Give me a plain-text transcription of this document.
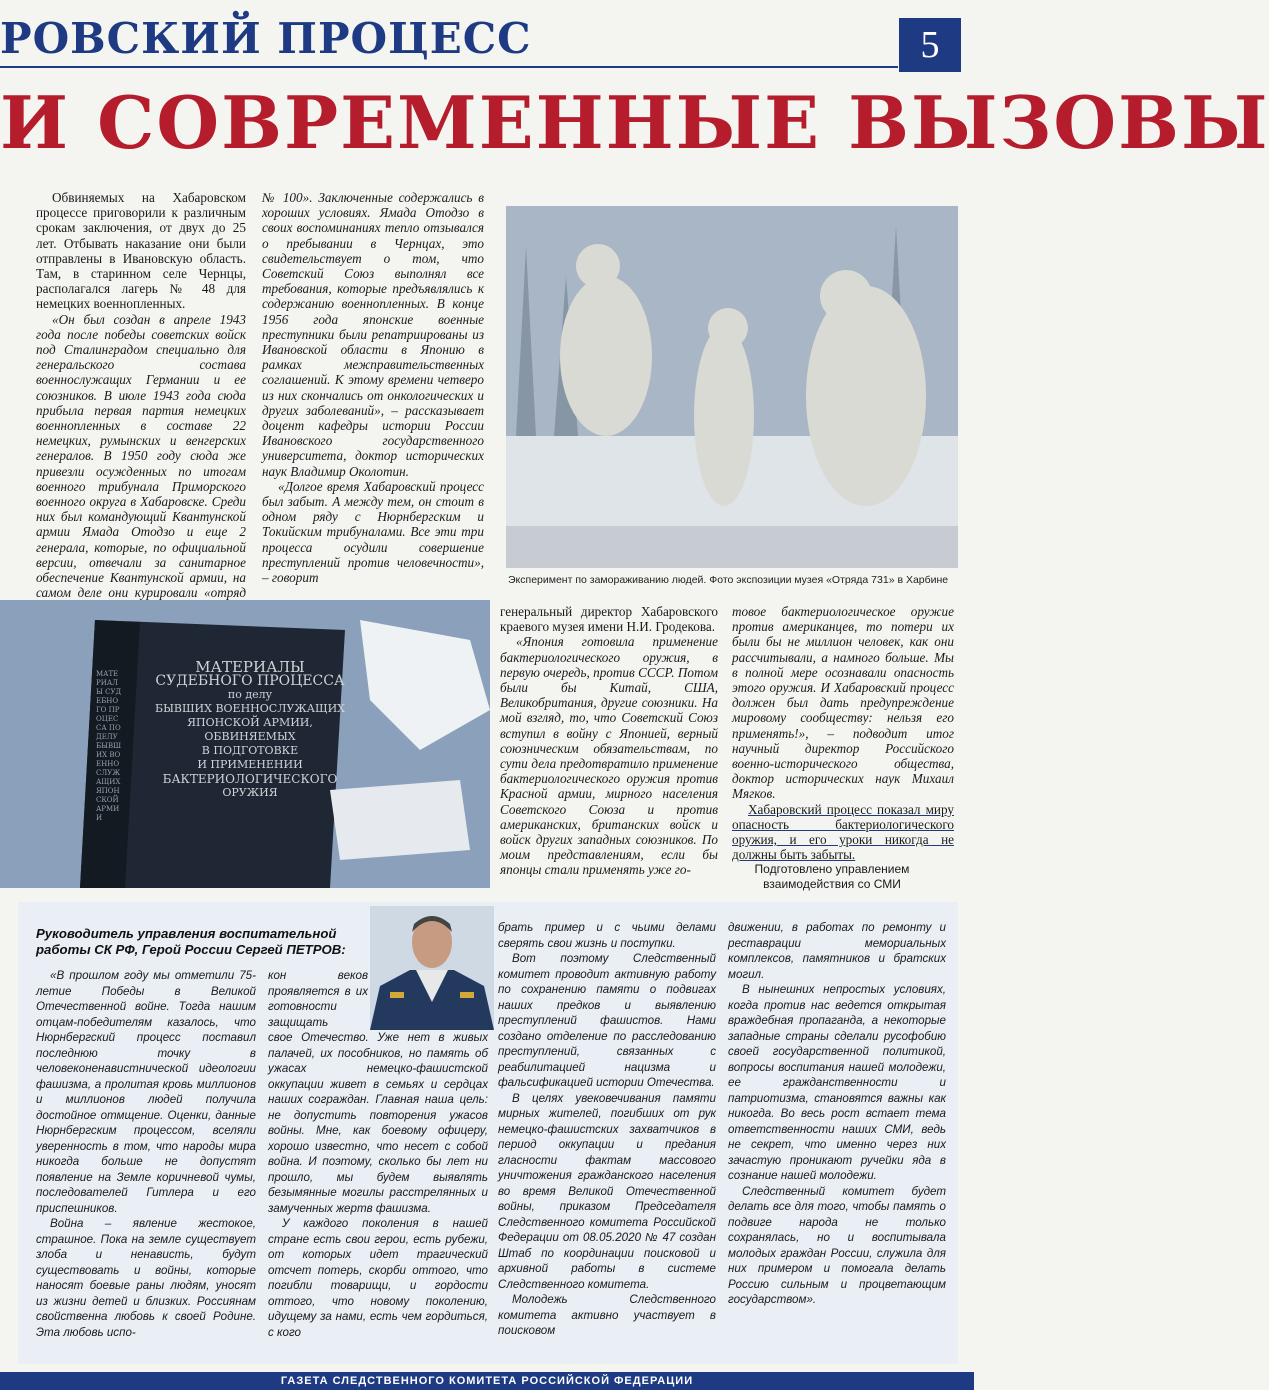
РОВСКИЙ ПРОЦЕСС	5
И СОВРЕМЕННЫЕ ВЫЗОВЫ

Обвиняемых на Хабаровском процессе приговорили к различным срокам заключения, от двух до 25 лет. Отбывать наказание они были отправлены в Ивановскую область. Там, в старинном селе Чернцы, располагался лагерь № 48 для немецких военнопленных.

«Он был создан в апреле 1943 года после победы советских войск под Сталинградом специально для генеральского состава военнослужащих Германии и ее союзников. В июле 1943 года сюда прибыла первая партия немецких военнопленных в составе 22 немецких, румынских и венгерских генералов. В 1950 году сюда же привезли осужденных по итогам военного трибунала Приморского военного округа в Хабаровске. Среди них был командующий Квантунской армии Ямада Отодзо и еще 2 генерала, которые, по официальной версии, отвечали за санитарное обеспечение Квантунской армии, на самом деле они курировали «отряд

№ 100». Заключенные содержались в хороших условиях. Ямада Отодзо в своих воспоминаниях тепло отзывался о пребывании в Чернцах, это свидетельствует о том, что Советский Союз выполнял все требования, которые предъявлялись к содержанию военнопленных. В конце 1956 года японские военные преступники были репатриированы из Ивановской области в Японию в рамках межправительственных соглашений. К этому времени четверо из них скончались от онкологических и других заболеваний», – рассказывает доцент кафедры истории России Ивановского государственного университета, доктор исторических наук Владимир Околотин.

«Долгое время Хабаровский процесс был забыт. А между тем, он стоит в одном ряду с Нюрнбергским и Токийским трибуналами. Все эти три процесса осудили совершение преступлений против человечности», – говорит	Эксперимент по замораживанию людей. Фото экспозиции музея «Отряда 731» в Харбине
МАТЕРИАЛЫ
СУДЕБНОГО ПРОЦЕССА
по делу
БЫВШИХ ВОЕННОСЛУЖАЩИХ
ЯПОНСКОЙ АРМИИ,
ОБВИНЯЕМЫХ
В ПОДГОТОВКЕ
И ПРИМЕНЕНИИ
БАКТЕРИОЛОГИЧЕСКОГО
ОРУЖИЯ
МАТЕРИАЛЫ СУДЕБНОГО ПРОЦЕССА ПО ДЕЛУ БЫВШИХ ВОЕННОСЛУЖАЩИХ ЯПОНСКОЙ АРМИИ

генеральный директор Хабаровского краевого музея имени Н.И. Гродекова.

«Япония готовила применение бактериологического оружия, в первую очередь, против СССР. Потом были бы Китай, США, Великобритания, другие союзники. На мой взгляд, то, что Советский Союз вступил в войну с Японией, верный союзническим обязательствам, по сути дела предотвратило применение бактериологического оружия против Красной армии, мирного населения Советского Союза и против американских, британских войск и войск других западных союзников. По моим представлениям, если бы японцы стали применять уже го-

товое бактериологическое оружие против американцев, то потери их были бы не миллион человек, как они рассчитывали, а намного больше. Мы в полной мере осознавали опасность этого оружия. И Хабаровский процесс должен был дать предупреждение мировому сообществу: нельзя его применять!», – подводит итог научный директор Российского военно-исторического общества, доктор исторических наук Михаил Мягков.

Хабаровский процесс показал миру опасность бактериологического оружия, и его уроки никогда не должны быть забыты.

Подготовлено управлением взаимодействия со СМИ
Руководитель управления воспитательной работы СК РФ, Герой России Сергей ПЕТРОВ:

«В прошлом году мы отметили 75-летие Победы в Великой Отечественной войне. Тогда нашим отцам-победителям казалось, что Нюрнбергский процесс поставил последнюю точку в человеконенавистнической идеологии фашизма, а пролитая кровь миллионов и миллионов людей получила достойное отмщение. Оценки, данные Нюрнбергским процессом, вселяли уверенность в том, что народы мира никогда больше не допустят появление на Земле коричневой чумы, последователей Гитлера и его приспешников.

Война – явление жестокое, страшное. Пока на земле существует злоба и ненависть, будут существовать и войны, которые наносят боевые раны людям, уносят из жизни детей и близких. Россиянам свойственна любовь к своей Родине. Эта любовь испо-

кон веков проявляется в их готовности защищать

свое Отечество. Уже нет в живых палачей, их пособников, но память об ужасах немецко-фашистской оккупации живет в семьях и сердцах наших сограждан. Главная наша цель: не допустить повторения ужасов войны. Мне, как боевому офицеру, хорошо известно, что несет с собой война. И поэтому, сколько бы лет ни прошло, мы будем выявлять безымянные могилы расстрелянных и замученных жертв фашизма.

У каждого поколения в нашей стране есть свои герои, есть рубежи, от которых идет трагический отсчет потерь, скорби оттого, что погибли товарищи, и гордости оттого, что новому поколению, идущему за нами, есть чем гордиться, с кого

брать пример и с чьими делами сверять свои жизнь и поступки.

Вот поэтому Следственный комитет проводит активную работу по сохранению памяти о подвигах наших предков и выявлению преступлений фашистов. Нами создано отделение по расследованию преступлений, связанных с реабилитацией нацизма и фальсификацией истории Отечества.

В целях увековечивания памяти мирных жителей, погибших от рук немецко-фашистских захватчиков в период оккупации и предания гласности фактам массового уничтожения гражданского населения во время Великой Отечественной войны, приказом Председателя Следственного комитета Российской Федерации от 08.05.2020 № 47 создан Штаб по координации поисковой и архивной работы в системе Следственного комитета.

Молодежь Следственного комитета активно участвует в поисковом

движении, в работах по ремонту и реставрации мемориальных комплексов, памятников и братских могил.

В нынешних непростых условиях, когда против нас ведется открытая враждебная пропаганда, а некоторые западные страны сделали русофобию своей государственной политикой, вопросы воспитания нашей молодежи, ее гражданственности и патриотизма, становятся важны как никогда. Во весь рост встает тема ответственности наших СМИ, ведь не секрет, что именно через них зачастую проникают ручейки яда в сознание нашей молодежи.

Следственный комитет будет делать все для того, чтобы память о подвиге народа не только сохранялась, но и воспитывала молодых граждан России, служила для них примером и помогала делать Россию сильным и процветающим государством».

ГАЗЕТА СЛЕДСТВЕННОГО КОМИТЕТА РОССИЙСКОЙ ФЕДЕРАЦИИ
